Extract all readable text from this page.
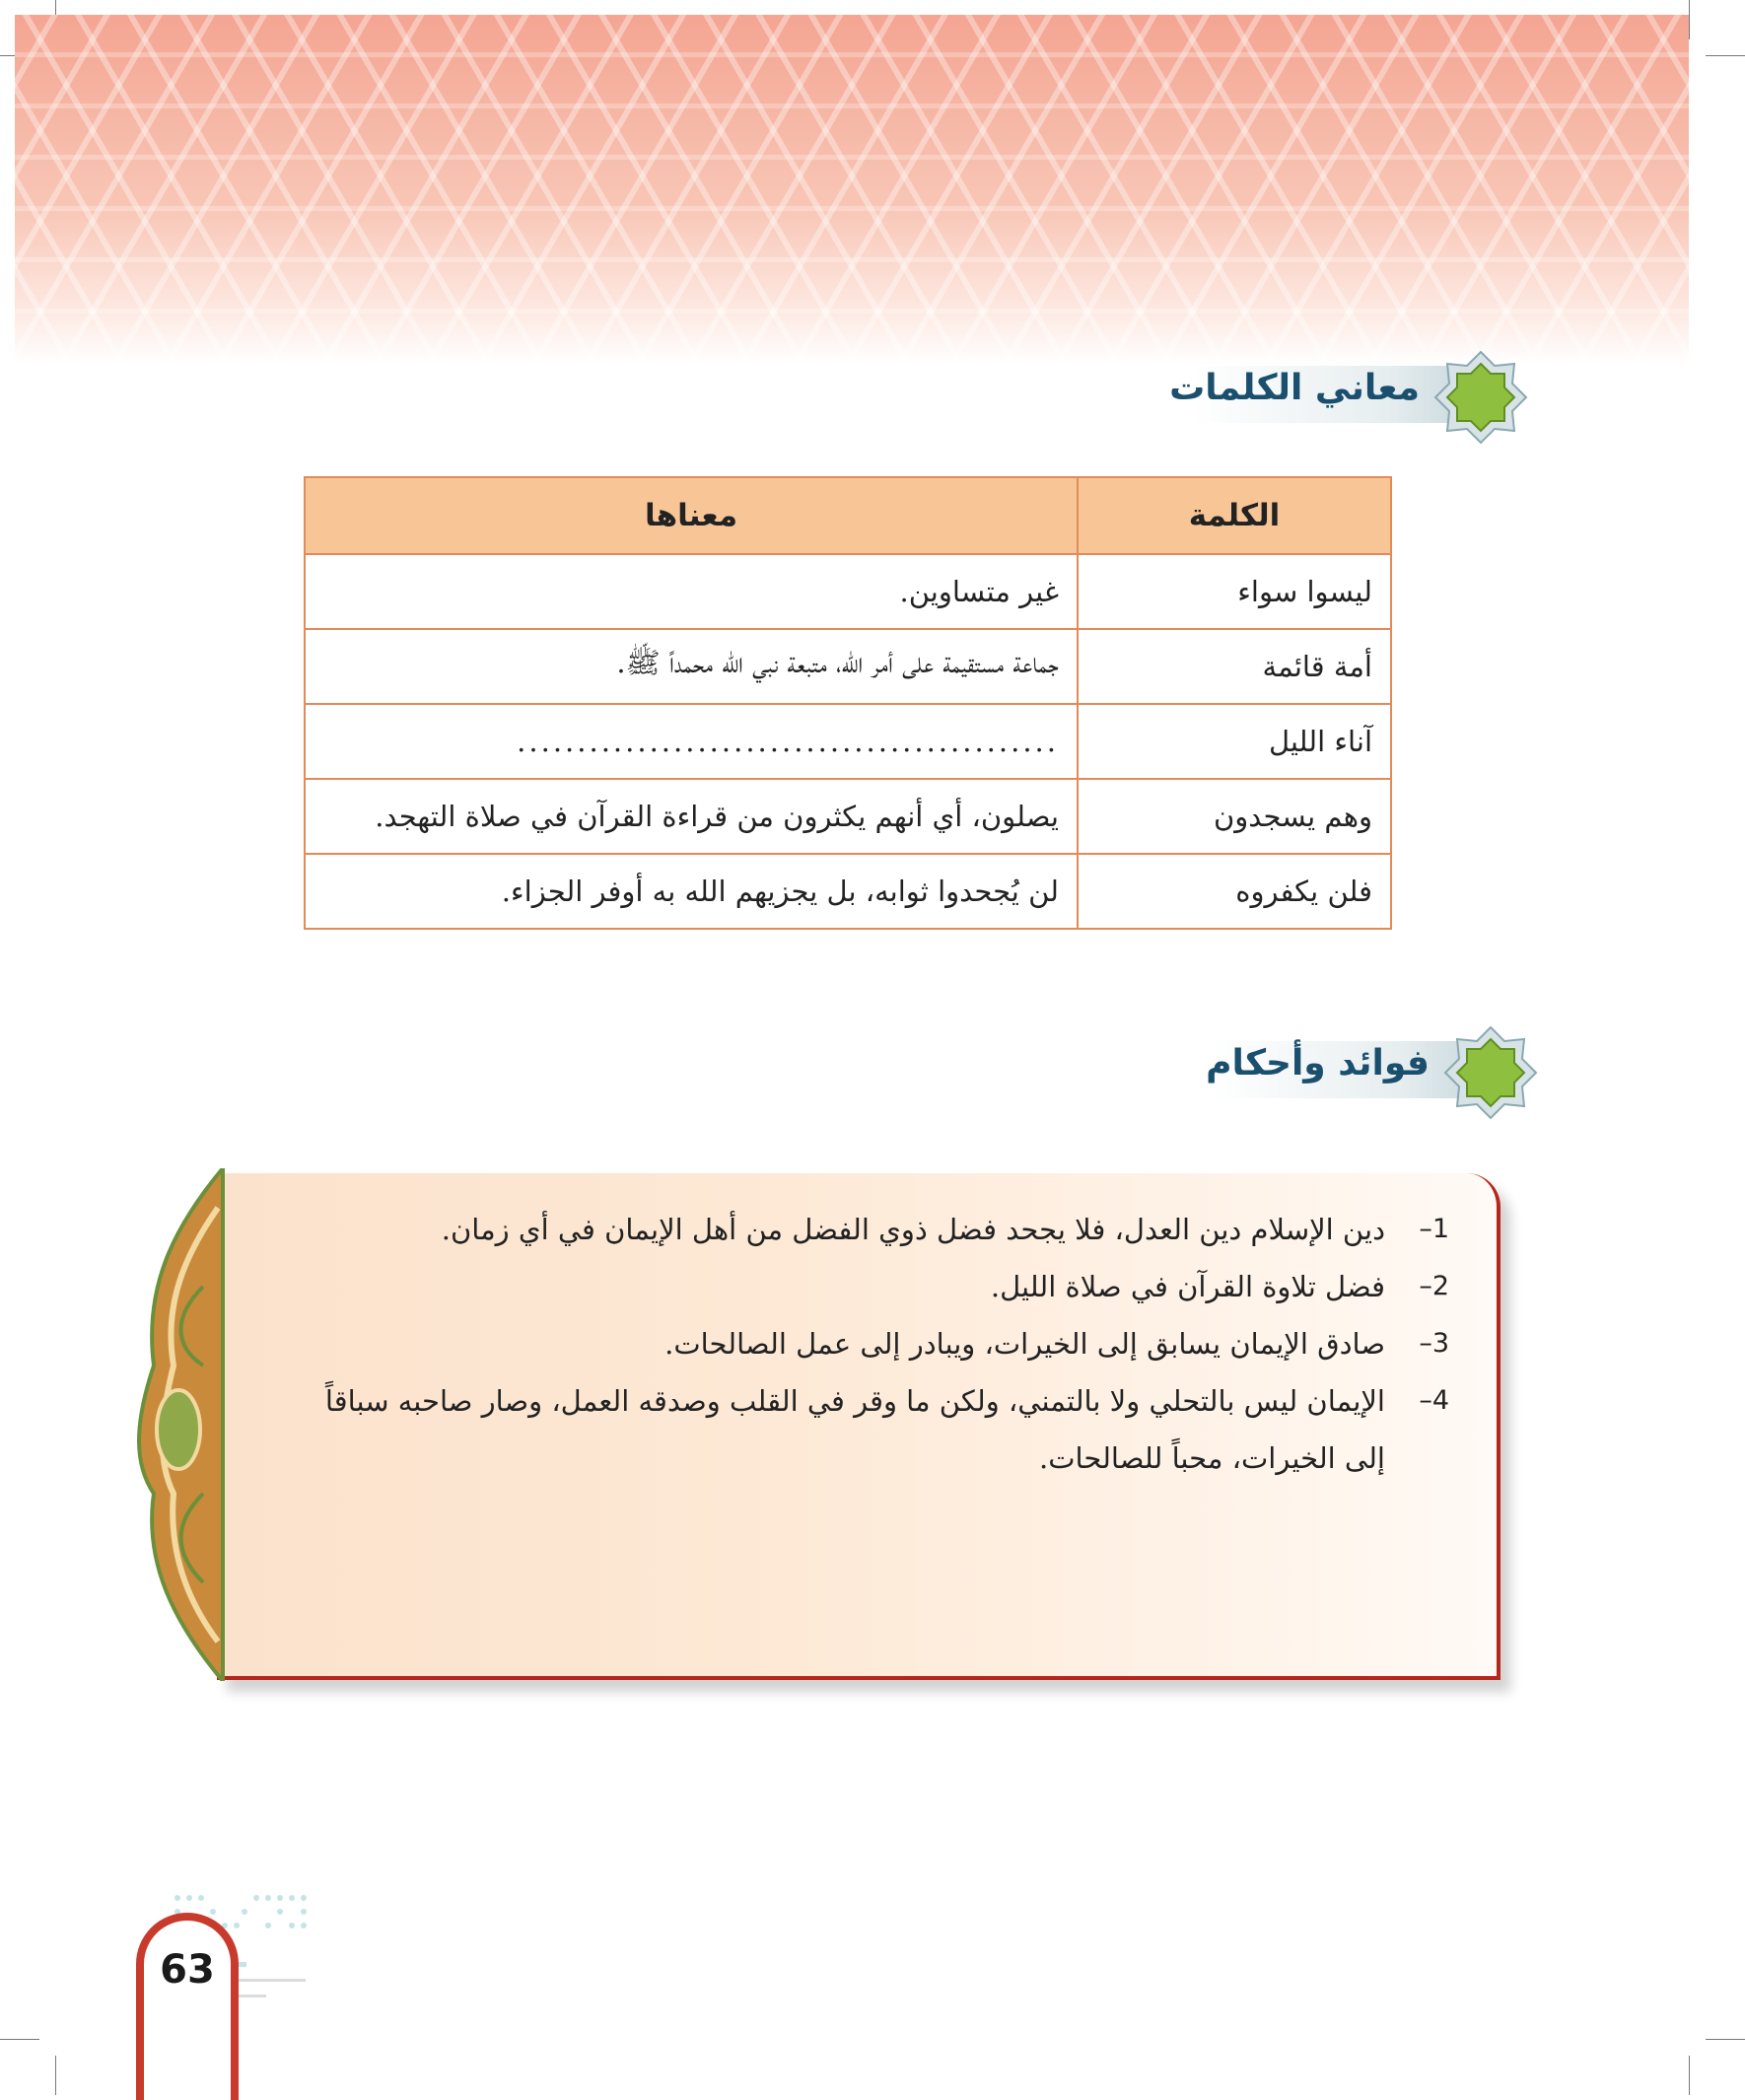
معاني الكلمات
الكلمة	معناها
ليسوا سواء	غير متساوين.
أمة قائمة	جماعة مستقيمة على أمر الله، متبعة نبي الله محمداً ﷺ.
آناء الليل	.............................................
وهم يسجدون	يصلون، أي أنهم يكثرون من قراءة القرآن في صلاة التهجد.
فلن يكفروه	لن يُجحدوا ثوابه، بل يجزيهم الله به أوفر الجزاء.
فوائد وأحكام
1–
دين الإسلام دين العدل، فلا يجحد فضل ذوي الفضل من أهل الإيمان في أي زمان.
2–
فضل تلاوة القرآن في صلاة الليل.
3–
صادق الإيمان يسابق إلى الخيرات، ويبادر إلى عمل الصالحات.
4–
الإيمان ليس بالتحلي ولا بالتمني، ولكن ما وقر في القلب وصدقه العمل، وصار صاحبه سباقاً إلى الخيرات، محباً للصالحات.
63
